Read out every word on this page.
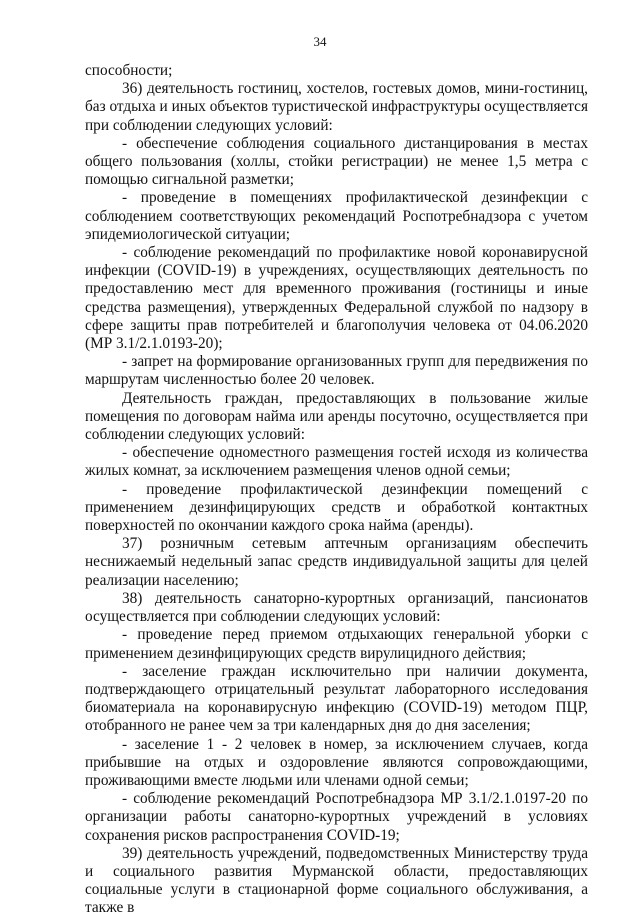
34

способности;

36) деятельность гостиниц, хостелов, гостевых домов, мини-гостиниц, баз отдыха и иных объектов туристической инфраструктуры осуществляется при соблюдении следующих условий:

- обеспечение соблюдения социального дистанцирования в местах общего пользования (холлы, стойки регистрации) не менее 1,5 метра с помощью сигнальной разметки;

- проведение в помещениях профилактической дезинфекции с соблюдением соответствующих рекомендаций Роспотребнадзора с учетом эпидемиологической ситуации;

- соблюдение рекомендаций по профилактике новой коронавирусной инфекции (COVID-19) в учреждениях, осуществляющих деятельность по предоставлению мест для временного проживания (гостиницы и иные средства размещения), утвержденных Федеральной службой по надзору в сфере защиты прав потребителей и благополучия человека от 04.06.2020 (МР 3.1/2.1.0193-20);

- запрет на формирование организованных групп для передвижения по маршрутам численностью более 20 человек.

Деятельность граждан, предоставляющих в пользование жилые помещения по договорам найма или аренды посуточно, осуществляется при соблюдении следующих условий:

- обеспечение одноместного размещения гостей исходя из количества жилых комнат, за исключением размещения членов одной семьи;

- проведение профилактической дезинфекции помещений с применением дезинфицирующих средств и обработкой контактных поверхностей по окончании каждого срока найма (аренды).

37) розничным сетевым аптечным организациям обеспечить неснижаемый недельный запас средств индивидуальной защиты для целей реализации населению;

38) деятельность санаторно-курортных организаций, пансионатов осуществляется при соблюдении следующих условий:

- проведение перед приемом отдыхающих генеральной уборки с применением дезинфицирующих средств вирулицидного действия;

- заселение граждан исключительно при наличии документа, подтверждающего отрицательный результат лабораторного исследования биоматериала на коронавирусную инфекцию (COVID-19) методом ПЦР, отобранного не ранее чем за три календарных дня до дня заселения;

- заселение 1 - 2 человек в номер, за исключением случаев, когда прибывшие на отдых и оздоровление являются сопровождающими, проживающими вместе людьми или членами одной семьи;

- соблюдение рекомендаций Роспотребнадзора МР 3.1/2.1.0197-20 по организации работы санаторно-курортных учреждений в условиях сохранения рисков распространения COVID-19;

39) деятельность учреждений, подведомственных Министерству труда и социального развития Мурманской области, предоставляющих социальные услуги в стационарной форме социального обслуживания, а также в
